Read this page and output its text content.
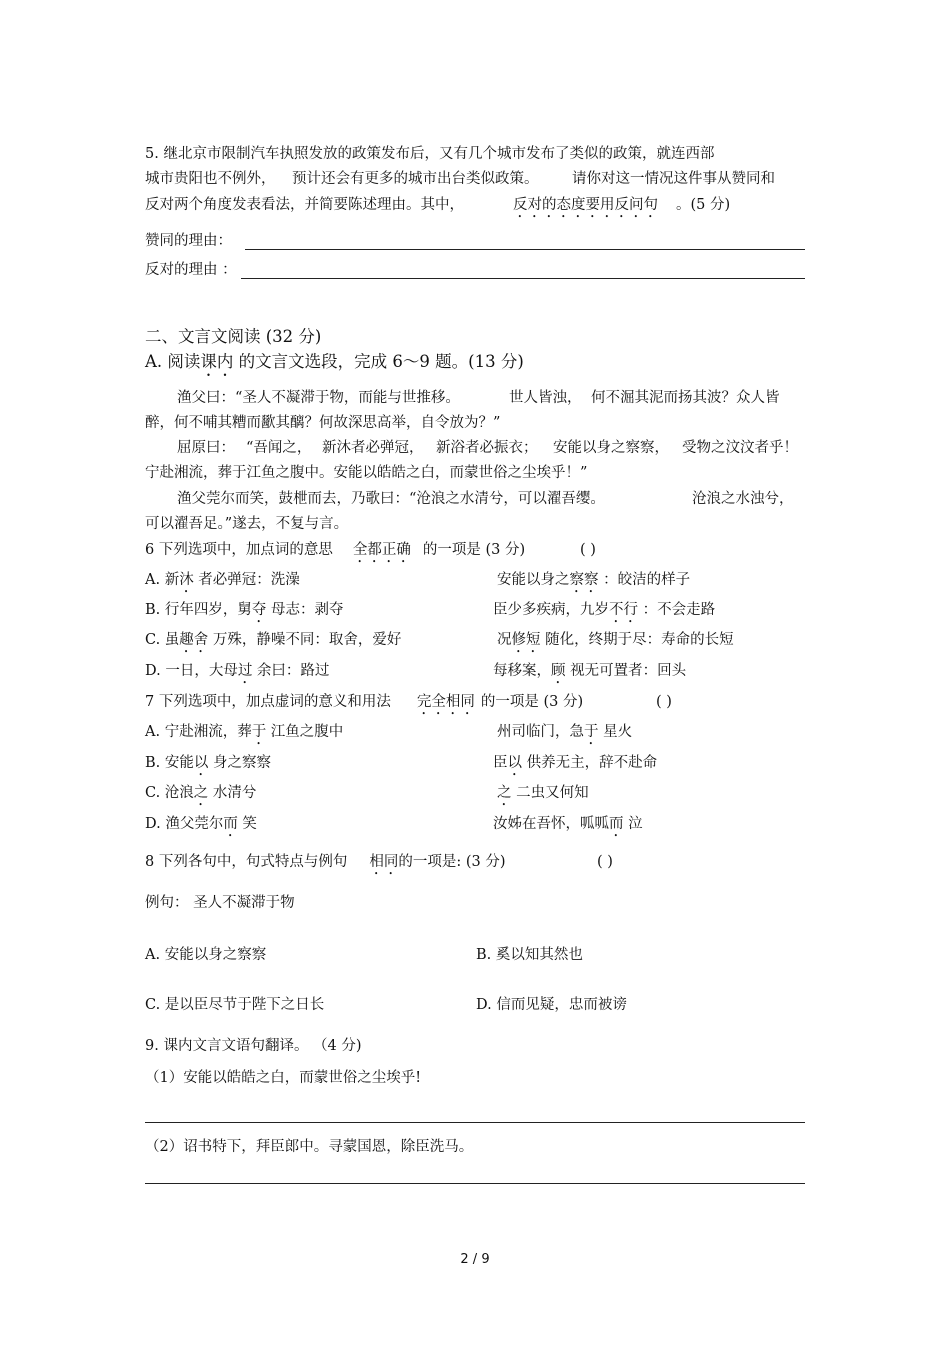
5. 继北京市限制汽车执照发放的政策发布后，又有几个城市发布了类似的政策，就连西部
城市贵阳也不例外， 预计还会有更多的城市出台类似政策。 请你对这一情况这件事从赞同和
反对两个角度发表看法，并简要陈述理由。其中，	反对的态度要用反问句 。(5 分)
赞同的理由：
反对的理由 ：
二、文言文阅读 (32 分)
A. 阅读课内 的文言文选段，完成 6～9 题。(13 分)
渔父曰：“圣人不凝滞于物，而能与世推移。	世人皆浊， 何不淈其泥而扬其波？众人皆
醉，何不哺其糟而歠其醨？何故深思高举，自令放为？”
屈原曰： “吾闻之， 新沐者必弹冠， 新浴者必振衣； 安能以身之察察， 受物之汶汶者乎！
宁赴湘流，葬于江鱼之腹中。安能以皓皓之白，而蒙世俗之尘埃乎！”
渔父莞尔而笑，鼓枻而去，乃歌曰：“沧浪之水清兮，可以濯吾缨。	沧浪之水浊兮，
可以濯吾足。”遂去，不复与言。
6 下列选项中，加点词的意思 全都正确 的一项是 (3 分)	( )
A. 新沐 者必弹冠：洗澡	安能以身之察察 ：皎洁的样子
B. 行年四岁，舅夺 母志：剥夺	臣少多疾病，九岁不行 ：不会走路
C. 虽趣舍 万殊，静噪不同：取舍，爱好	况修短 随化，终期于尽：寿命的长短
D. 一日，大母过 余曰：路过	每移案，顾 视无可置者：回头
7 下列选项中，加点虚词的意义和用法 完全相同 的一项是 (3 分)	( )
A. 宁赴湘流，葬于 江鱼之腹中	州司临门，急于 星火
B. 安能以 身之察察	臣以 供养无主，辞不赴命
C. 沧浪之 水清兮	之 二虫又何知
D. 渔父莞尔而 笑	汝姊在吾怀，呱呱而 泣
8 下列各句中，句式特点与例句 相同的一项是: (3 分)	( )
例句： 圣人不凝滞于物
A. 安能以身之察察	B. 奚以知其然也
C. 是以臣尽节于陛下之日长	D. 信而见疑，忠而被谤
9. 课内文言文语句翻译。 （4 分)
（1）安能以皓皓之白，而蒙世俗之尘埃乎!
（2）诏书特下，拜臣郎中。寻蒙国恩，除臣洗马。
2 / 9
